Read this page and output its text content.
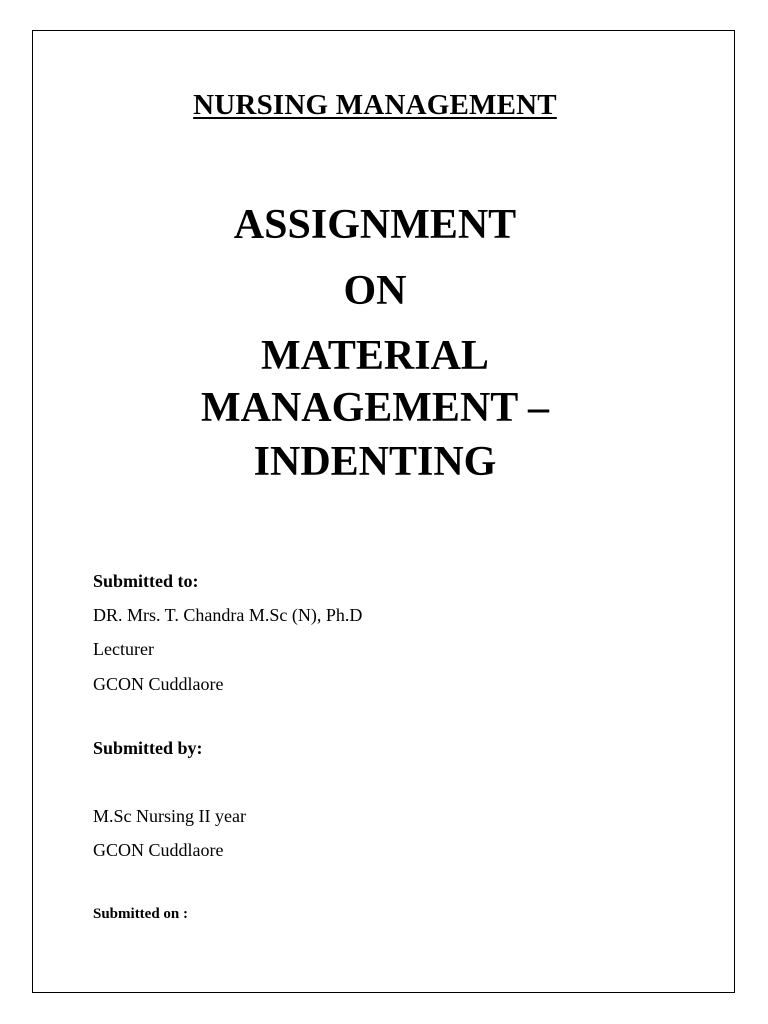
NURSING MANAGEMENT
ASSIGNMENT
ON
MATERIAL
MANAGEMENT –
INDENTING
Submitted to:
DR. Mrs. T. Chandra M.Sc (N), Ph.D
Lecturer
GCON Cuddlaore
Submitted by:
M.Sc Nursing II year
GCON Cuddlaore
Submitted on :
